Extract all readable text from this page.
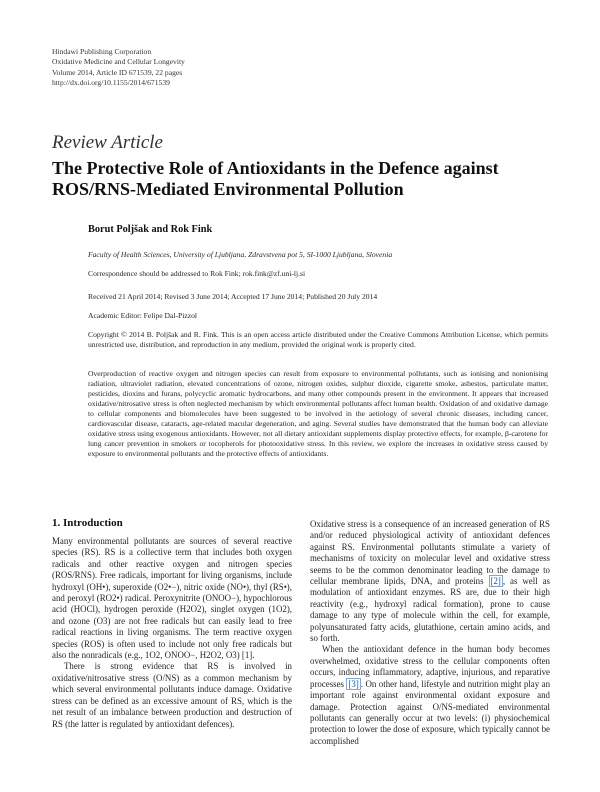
Hindawi Publishing Corporation
Oxidative Medicine and Cellular Longevity
Volume 2014, Article ID 671539, 22 pages
http://dx.doi.org/10.1155/2014/671539
Review Article
The Protective Role of Antioxidants in the Defence against ROS/RNS-Mediated Environmental Pollution
Borut Poljšak and Rok Fink
Faculty of Health Sciences, University of Ljubljana, Zdravstvena pot 5, SI-1000 Ljubljana, Slovenia
Correspondence should be addressed to Rok Fink; rok.fink@zf.uni-lj.si
Received 21 April 2014; Revised 3 June 2014; Accepted 17 June 2014; Published 20 July 2014
Academic Editor: Felipe Dal-Pizzol
Copyright © 2014 B. Poljšak and R. Fink. This is an open access article distributed under the Creative Commons Attribution License, which permits unrestricted use, distribution, and reproduction in any medium, provided the original work is properly cited.
Overproduction of reactive oxygen and nitrogen species can result from exposure to environmental pollutants, such as ionising and nonionising radiation, ultraviolet radiation, elevated concentrations of ozone, nitrogen oxides, sulphur dioxide, cigarette smoke, asbestos, particulate matter, pesticides, dioxins and furans, polycyclic aromatic hydrocarbons, and many other compounds present in the environment. It appears that increased oxidative/nitrosative stress is often neglected mechanism by which environmental pollutants affect human health. Oxidation of and oxidative damage to cellular components and biomolecules have been suggested to be involved in the aetiology of several chronic diseases, including cancer, cardiovascular disease, cataracts, age-related macular degeneration, and aging. Several studies have demonstrated that the human body can alleviate oxidative stress using exogenous antioxidants. However, not all dietary antioxidant supplements display protective effects, for example, β-carotene for lung cancer prevention in smokers or tocopherols for photooxidative stress. In this review, we explore the increases in oxidative stress caused by exposure to environmental pollutants and the protective effects of antioxidants.
1. Introduction

Many environmental pollutants are sources of several reactive species (RS). RS is a collective term that includes both oxygen radicals and other reactive oxygen and nitrogen species (ROS/RNS). Free radicals, important for living organisms, include hydroxyl (OH•), superoxide (O2•−), nitric oxide (NO•), thyl (RS•), and peroxyl (RO2•) radical. Peroxynitrite (ONOO−), hypochlorous acid (HOCl), hydrogen peroxide (H2O2), singlet oxygen (1O2), and ozone (O3) are not free radicals but can easily lead to free radical reactions in living organisms. The term reactive oxygen species (ROS) is often used to include not only free radicals but also the nonradicals (e.g., 1O2, ONOO−, H2O2, O3) [1].

There is strong evidence that RS is involved in oxidative/nitrosative stress (O/NS) as a common mechanism by which several environmental pollutants induce damage. Oxidative stress can be defined as an excessive amount of RS, which is the net result of an imbalance between production and destruction of RS (the latter is regulated by antioxidant defences).

Oxidative stress is a consequence of an increased generation of RS and/or reduced physiological activity of antioxidant defences against RS. Environmental pollutants stimulate a variety of mechanisms of toxicity on molecular level and oxidative stress seems to be the common denominator leading to the damage to cellular membrane lipids, DNA, and proteins [2] , as well as modulation of antioxidant enzymes. RS are, due to their high reactivity (e.g., hydroxyl radical formation), prone to cause damage to any type of molecule within the cell, for example, polyunsaturated fatty acids, glutathione, certain amino acids, and so forth.

When the antioxidant defence in the human body becomes overwhelmed, oxidative stress to the cellular components often occurs, inducing inflammatory, adaptive, injurious, and reparative processes [3] . On other hand, lifestyle and nutrition might play an important role against environmental oxidant exposure and damage. Protection against O/NS-mediated environmental pollutants can generally occur at two levels: (i) physiochemical protection to lower the dose of exposure, which typically cannot be accomplished
